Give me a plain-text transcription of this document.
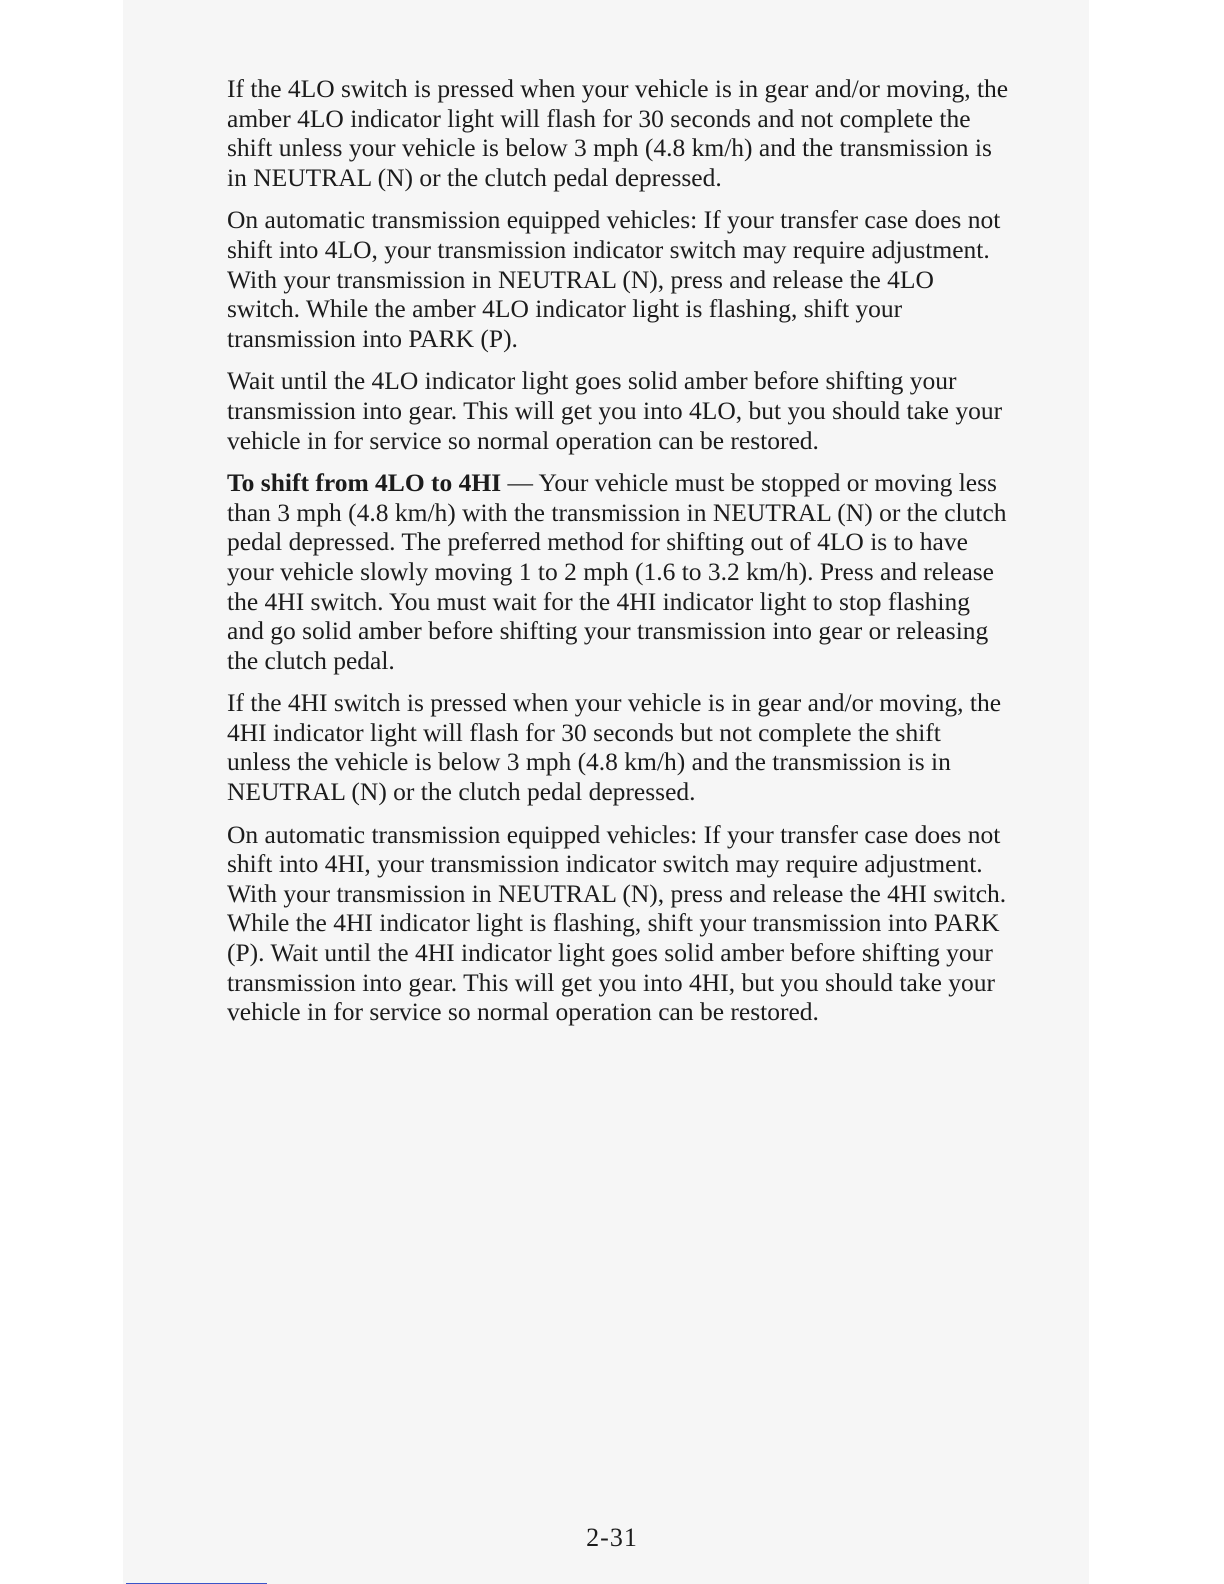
If the 4LO switch is pressed when your vehicle is in gear and/or moving, the
amber 4LO indicator light will flash for 30 seconds and not complete the
shift unless your vehicle is below 3 mph (4.8 km/h) and the transmission is
in NEUTRAL (N) or the clutch pedal depressed.

On automatic transmission equipped vehicles: If your transfer case does not
shift into 4LO, your transmission indicator switch may require adjustment.
With your transmission in NEUTRAL (N), press and release the 4LO
switch. While the amber 4LO indicator light is flashing, shift your
transmission into PARK (P).

Wait until the 4LO indicator light goes solid amber before shifting your
transmission into gear. This will get you into 4LO, but you should take your
vehicle in for service so normal operation can be restored.

To shift from 4LO to 4HI — Your vehicle must be stopped or moving less
than 3 mph (4.8 km/h) with the transmission in NEUTRAL (N) or the clutch
pedal depressed. The preferred method for shifting out of 4LO is to have
your vehicle slowly moving 1 to 2 mph (1.6 to 3.2 km/h). Press and release
the 4HI switch. You must wait for the 4HI indicator light to stop flashing
and go solid amber before shifting your transmission into gear or releasing
the clutch pedal.

If the 4HI switch is pressed when your vehicle is in gear and/or moving, the
4HI indicator light will flash for 30 seconds but not complete the shift
unless the vehicle is below 3 mph (4.8 km/h) and the transmission is in
NEUTRAL (N) or the clutch pedal depressed.

On automatic transmission equipped vehicles: If your transfer case does not
shift into 4HI, your transmission indicator switch may require adjustment.
With your transmission in NEUTRAL (N), press and release the 4HI switch.
While the 4HI indicator light is flashing, shift your transmission into PARK
(P). Wait until the 4HI indicator light goes solid amber before shifting your
transmission into gear. This will get you into 4HI, but you should take your
vehicle in for service so normal operation can be restored.

2-31
